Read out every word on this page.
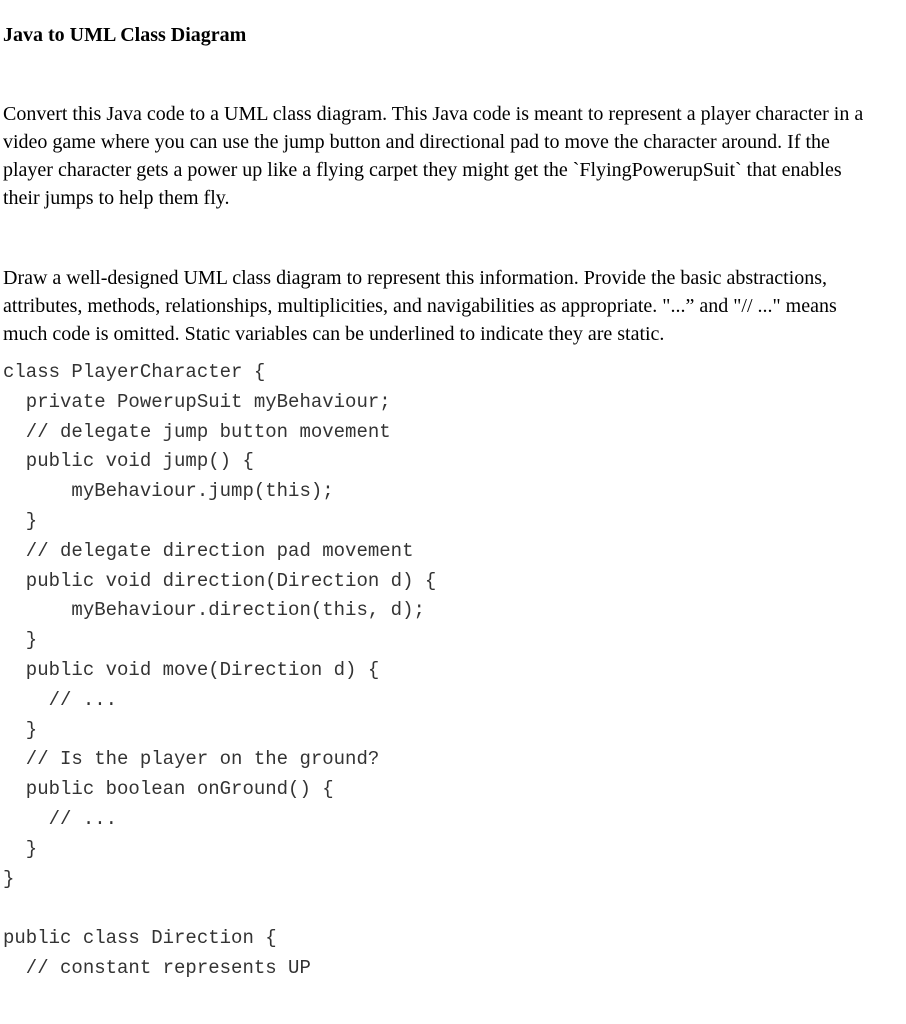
Java to UML Class Diagram

Convert this Java code to a UML class diagram. This Java code is meant to represent a player character in a video game where you can use the jump button and directional pad to move the character around. If the player character gets a power up like a flying carpet they might get the `FlyingPowerupSuit` that enables their jumps to help them fly.

Draw a well-designed UML class diagram to represent this information. Provide the basic abstractions, attributes, methods, relationships, multiplicities, and navigabilities as appropriate. "...” and "// ..." means much code is omitted. Static variables can be underlined to indicate they are static.

class PlayerCharacter {
private PowerupSuit myBehaviour;
// delegate jump button movement
public void jump() {
myBehaviour.jump(this);
}
// delegate direction pad movement
public void direction(Direction d) {
myBehaviour.direction(this, d);
}
public void move(Direction d) {
// ...
}
// Is the player on the ground?
public boolean onGround() {
// ...
}
}
public class Direction {
// constant represents UP
